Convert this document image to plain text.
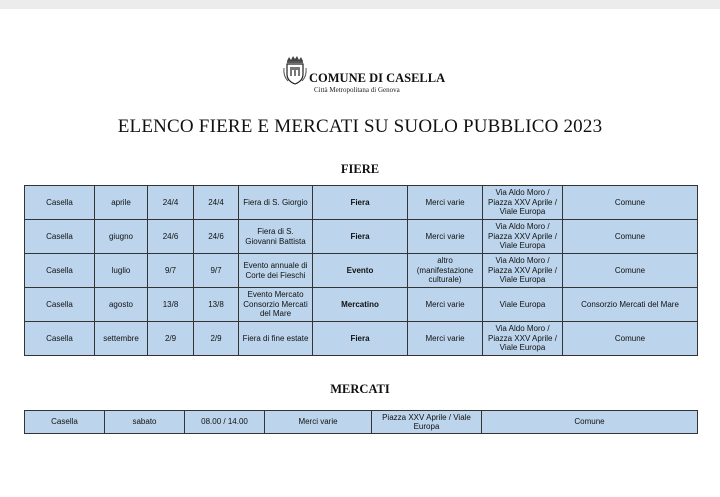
COMUNE DI CASELLA
Città Metropolitana di Genova
ELENCO FIERE E MERCATI SU SUOLO PUBBLICO 2023
FIERE
Casella	aprile	24/4	24/4	Fiera di S. Giorgio	Fiera	Merci varie	Via Aldo Moro / Piazza XXV Aprile / Viale Europa	Comune
Casella	giugno	24/6	24/6	Fiera di S. Giovanni Battista	Fiera	Merci varie	Via Aldo Moro / Piazza XXV Aprile / Viale Europa	Comune
Casella	luglio	9/7	9/7	Evento annuale di Corte dei Fieschi	Evento	altro (manifestazione culturale)	Via Aldo Moro / Piazza XXV Aprile / Viale Europa	Comune
Casella	agosto	13/8	13/8	Evento Mercato Consorzio Mercati del Mare	Mercatino	Merci varie	Viale Europa	Consorzio Mercati del Mare
Casella	settembre	2/9	2/9	Fiera di fine estate	Fiera	Merci varie	Via Aldo Moro / Piazza XXV Aprile / Viale Europa	Comune
MERCATI
Casella	sabato	08.00 / 14.00	Merci varie	Piazza XXV Aprile / Viale Europa	Comune
